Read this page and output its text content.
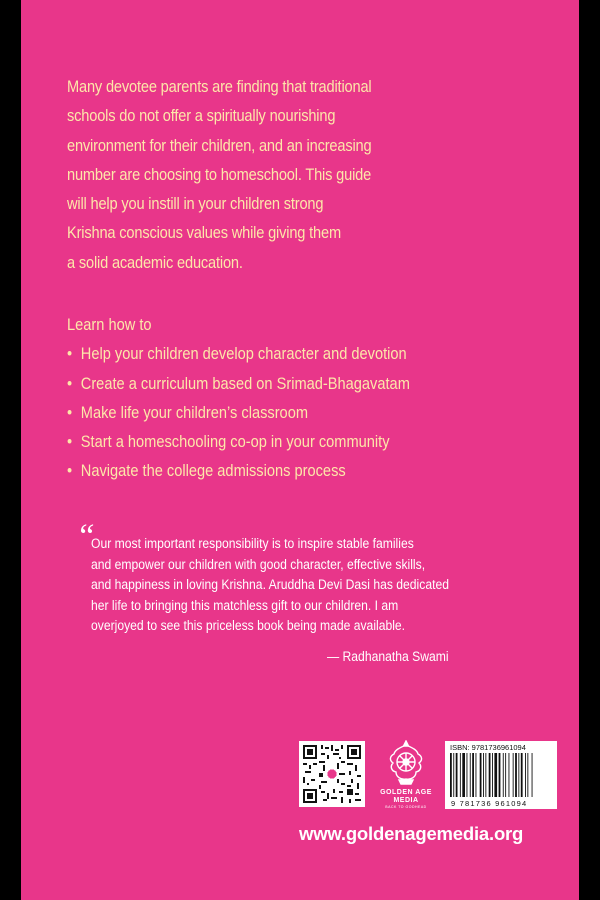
Many devotee parents are finding that traditional
schools do not offer a spiritually nourishing
environment for their children, and an increasing
number are choosing to homeschool. This guide
will help you instill in your children strong
Krishna conscious values while giving them
a solid academic education.
Learn how to
• Help your children develop character and devotion
• Create a curriculum based on Srimad-Bhagavatam
• Make life your children’s classroom
• Start a homeschooling co-op in your community
• Navigate the college admissions process
“
Our most important responsibility is to inspire stable families
and empower our children with good character, effective skills,
and happiness in loving Krishna. Aruddha Devi Dasi has dedicated
her life to bringing this matchless gift to our children. I am
overjoyed to see this priceless book being made available.
— Radhanatha Swami
GOLDEN AGE MEDIA
BACK TO GODHEAD
ISBN: 9781736961094
9 781736 961094
www.goldenagemedia.org
